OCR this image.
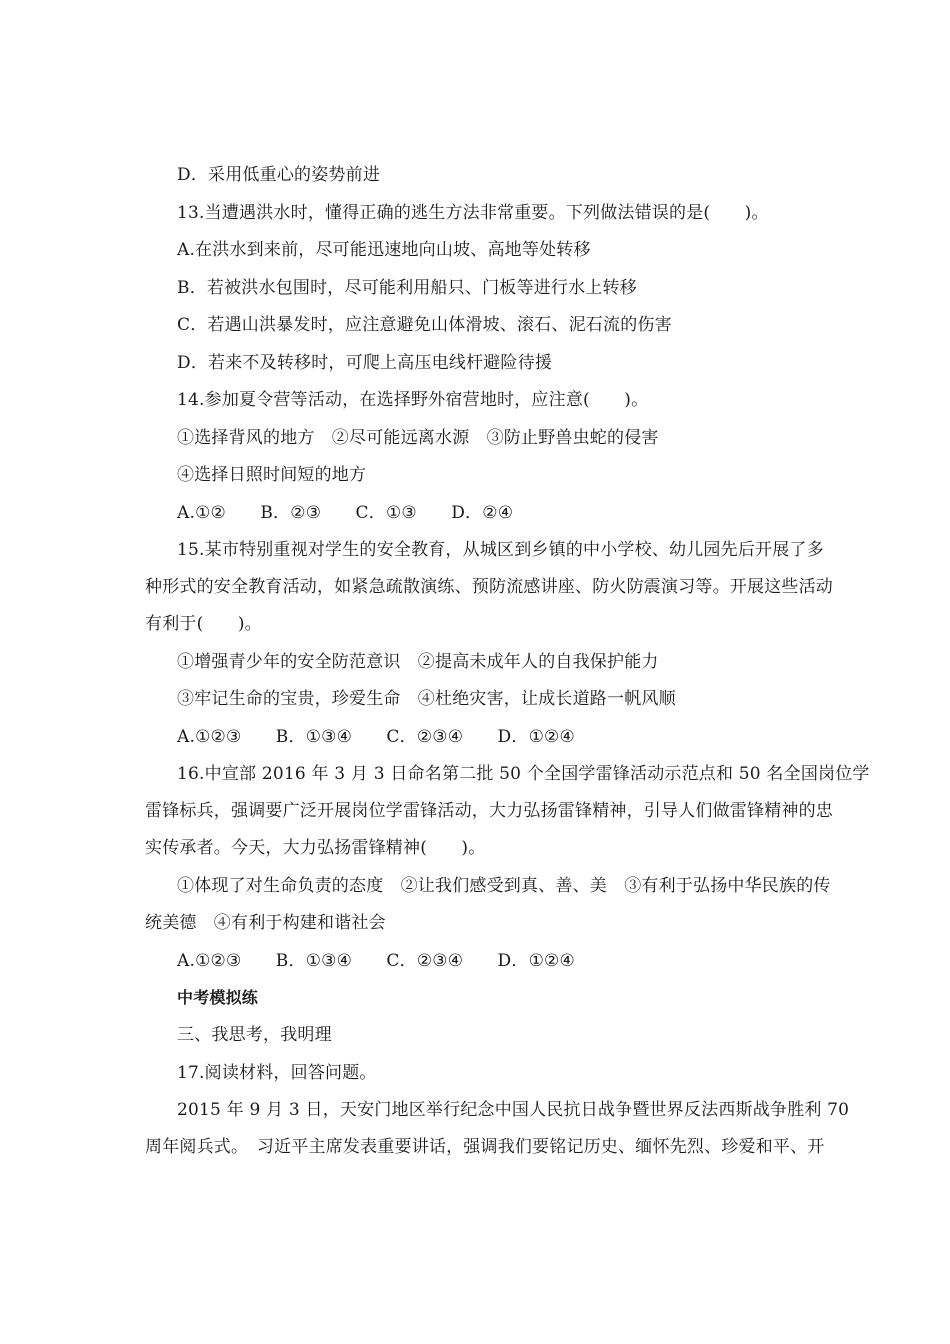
D．采用低重心的姿势前进
13.当遭遇洪水时，懂得正确的逃生方法非常重要。下列做法错误的是(　　)。
A.在洪水到来前，尽可能迅速地向山坡、高地等处转移
B．若被洪水包围时，尽可能利用船只、门板等进行水上转移
C．若遇山洪暴发时，应注意避免山体滑坡、滚石、泥石流的伤害
D．若来不及转移时，可爬上高压电线杆避险待援
14.参加夏令营等活动，在选择野外宿营地时，应注意(　　)。
①选择背风的地方　②尽可能远离水源　③防止野兽虫蛇的侵害
④选择日照时间短的地方
A.①②　　B．②③　　C．①③　　D．②④
15.某市特别重视对学生的安全教育，从城区到乡镇的中小学校、幼儿园先后开展了多
种形式的安全教育活动，如紧急疏散演练、预防流感讲座、防火防震演习等。开展这些活动
有利于(　　)。
①增强青少年的安全防范意识　②提高未成年人的自我保护能力
③牢记生命的宝贵，珍爱生命　④杜绝灾害，让成长道路一帆风顺
A.①②③　　B．①③④　　C．②③④　　D．①②④
16.中宣部 2016 年 3 月 3 日命名第二批 50 个全国学雷锋活动示范点和 50 名全国岗位学
雷锋标兵，强调要广泛开展岗位学雷锋活动，大力弘扬雷锋精神，引导人们做雷锋精神的忠
实传承者。今天，大力弘扬雷锋精神(　　)。
①体现了对生命负责的态度　②让我们感受到真、善、美　③有利于弘扬中华民族的传
统美德　④有利于构建和谐社会
A.①②③　　B．①③④　　C．②③④　　D．①②④
中考模拟练
三、我思考，我明理
17.阅读材料，回答问题。
2015 年 9 月 3 日，天安门地区举行纪念中国人民抗日战争暨世界反法西斯战争胜利 70
周年阅兵式。　习近平主席发表重要讲话，强调我们要铭记历史、缅怀先烈、珍爱和平、开
